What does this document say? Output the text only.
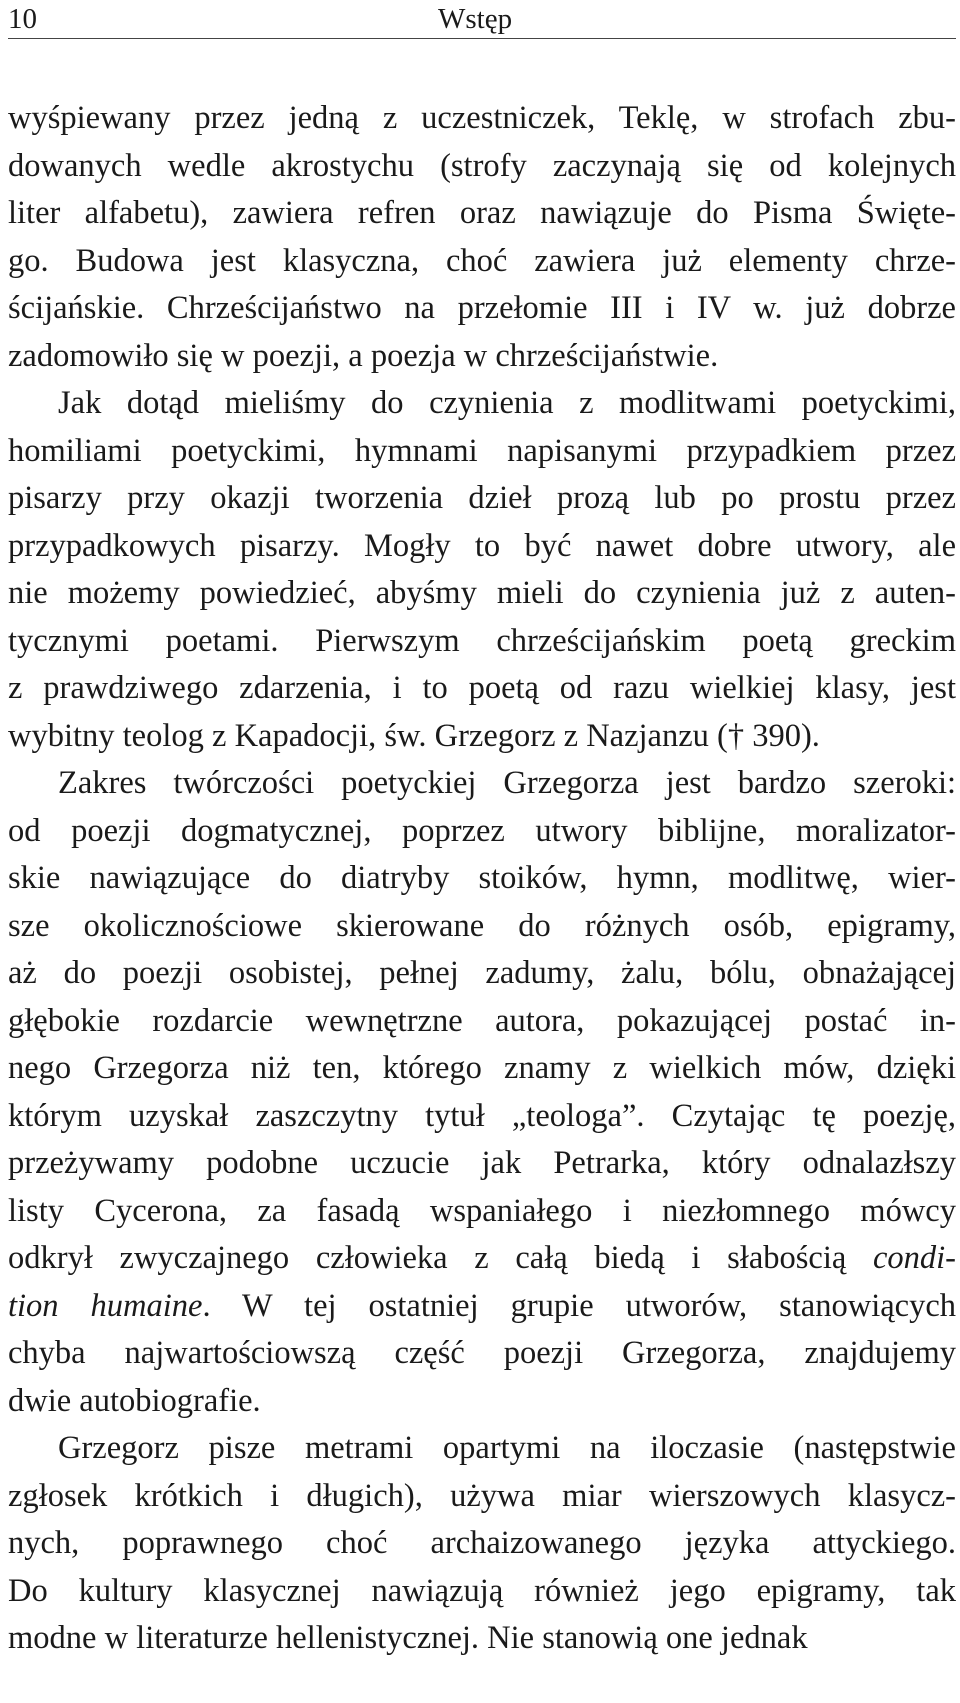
10	Wstęp
wyśpiewany przez jedną z uczestniczek, Teklę, w strofach zbu-
dowanych wedle akrostychu (strofy zaczynają się od kolejnych
liter alfabetu), zawiera refren oraz nawiązuje do Pisma Święte-
go. Budowa jest klasyczna, choć zawiera już elementy chrze-
ścijańskie. Chrześcijaństwo na przełomie III i IV w. już dobrze
zadomowiło się w poezji, a poezja w chrześcijaństwie.
Jak dotąd mieliśmy do czynienia z modlitwami poetyckimi,
homiliami poetyckimi, hymnami napisanymi przypadkiem przez
pisarzy przy okazji tworzenia dzieł prozą lub po prostu przez
przypadkowych pisarzy. Mogły to być nawet dobre utwory, ale
nie możemy powiedzieć, abyśmy mieli do czynienia już z auten-
tycznymi poetami. Pierwszym chrześcijańskim poetą greckim
z prawdziwego zdarzenia, i to poetą od razu wielkiej klasy, jest
wybitny teolog z Kapadocji, św. Grzegorz z Nazjanzu († 390).
Zakres twórczości poetyckiej Grzegorza jest bardzo szeroki:
od poezji dogmatycznej, poprzez utwory biblijne, moralizator-
skie nawiązujące do diatryby stoików, hymn, modlitwę, wier-
sze okolicznościowe skierowane do różnych osób, epigramy,
aż do poezji osobistej, pełnej zadumy, żalu, bólu, obnażającej
głębokie rozdarcie wewnętrzne autora, pokazującej postać in-
nego Grzegorza niż ten, którego znamy z wielkich mów, dzięki
którym uzyskał zaszczytny tytuł „teologa”. Czytając tę poezję,
przeżywamy podobne uczucie jak Petrarka, który odnalazłszy
listy Cycerona, za fasadą wspaniałego i niezłomnego mówcy
odkrył zwyczajnego człowieka z całą biedą i słabością condi-
tion humaine. W tej ostatniej grupie utworów, stanowiących
chyba najwartościowszą część poezji Grzegorza, znajdujemy
dwie autobiografie.
Grzegorz pisze metrami opartymi na iloczasie (następstwie
zgłosek krótkich i długich), używa miar wierszowych klasycz-
nych, poprawnego choć archaizowanego języka attyckiego.
Do kultury klasycznej nawiązują również jego epigramy, tak
modne w literaturze hellenistycznej. Nie stanowią one jednak
